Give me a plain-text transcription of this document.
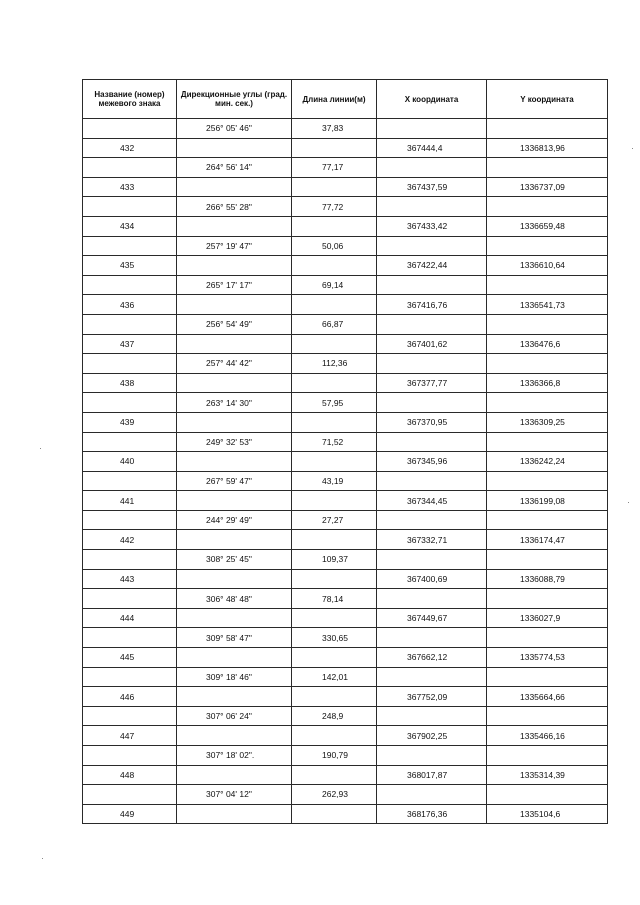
Название (номер) межевого знака	Дирекционные углы (град. мин. сек.)	Длина линии(м)	X координата	Y координата
	256° 05' 46"	37,83		
432			367444,4	1336813,96
	264° 56' 14"	77,17		
433			367437,59	1336737,09
	266° 55' 28"	77,72		
434			367433,42	1336659,48
	257° 19' 47"	50,06		
435			367422,44	1336610,64
	265° 17' 17"	69,14		
436			367416,76	1336541,73
	256° 54' 49"	66,87		
437			367401,62	1336476,6
	257° 44' 42"	112,36		
438			367377,77	1336366,8
	263° 14' 30"	57,95		
439			367370,95	1336309,25
	249° 32' 53"	71,52		
440			367345,96	1336242,24
	267° 59' 47"	43,19		
441			367344,45	1336199,08
	244° 29' 49"	27,27		
442			367332,71	1336174,47
	308° 25' 45"	109,37		
443			367400,69	1336088,79
	306° 48' 48"	78,14		
444			367449,67	1336027,9
	309° 58' 47"	330,65		
445			367662,12	1335774,53
	309° 18' 46"	142,01		
446			367752,09	1335664,66
	307° 06' 24"	248,9		
447			367902,25	1335466,16
	307° 18' 02".	190,79		
448			368017,87	1335314,39
	307° 04' 12"	262,93		
449			368176,36	1335104,6
